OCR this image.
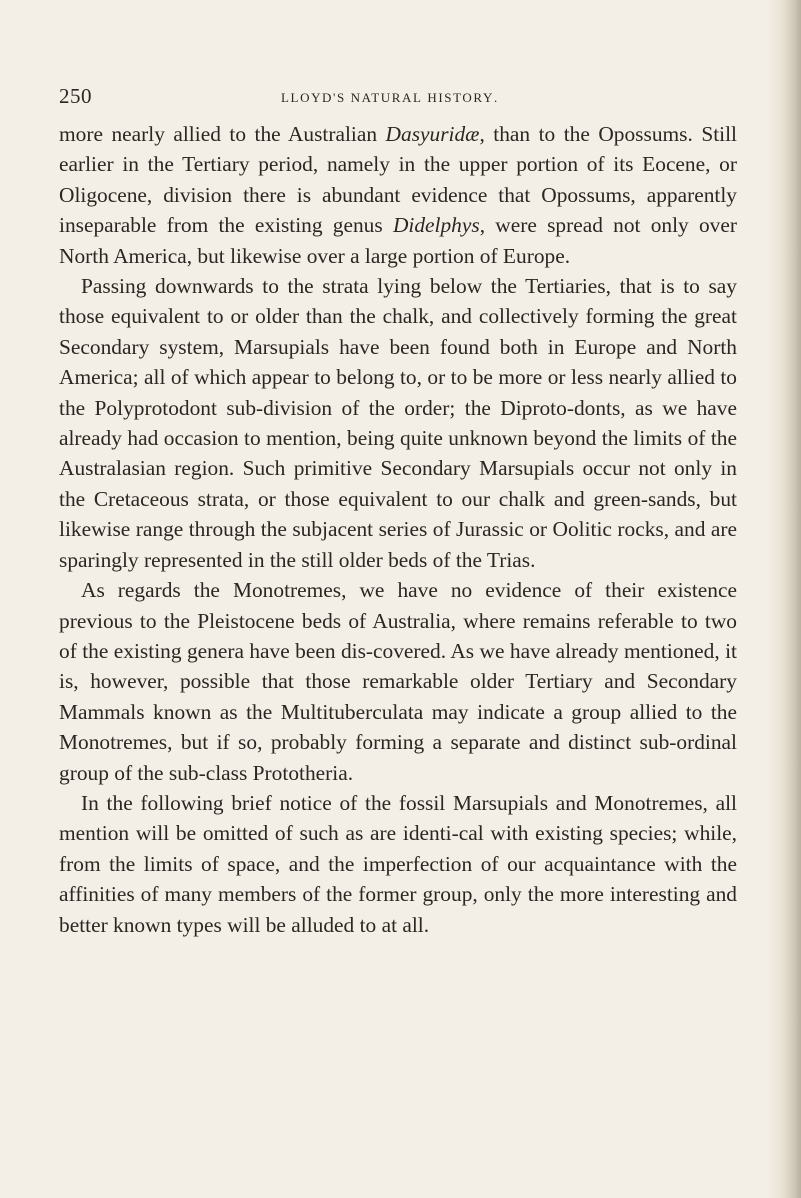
250	lloyd's natural history.

more nearly allied to the Australian Dasyuridæ, than to the Opossums. Still earlier in the Tertiary period, namely in the upper portion of its Eocene, or Oligocene, division there is abundant evidence that Opossums, apparently inseparable from the existing genus Didelphys, were spread not only over North America, but likewise over a large portion of Europe.

Passing downwards to the strata lying below the Tertiaries, that is to say those equivalent to or older than the chalk, and collectively forming the great Secondary system, Marsupials have been found both in Europe and North America; all of which appear to belong to, or to be more or less nearly allied to the Polyprotodont sub-division of the order; the Diproto-donts, as we have already had occasion to mention, being quite unknown beyond the limits of the Australasian region. Such primitive Secondary Marsupials occur not only in the Cretaceous strata, or those equivalent to our chalk and green-sands, but likewise range through the subjacent series of Jurassic or Oolitic rocks, and are sparingly represented in the still older beds of the Trias.

As regards the Monotremes, we have no evidence of their existence previous to the Pleistocene beds of Australia, where remains referable to two of the existing genera have been dis-covered. As we have already mentioned, it is, however, possible that those remarkable older Tertiary and Secondary Mammals known as the Multituberculata may indicate a group allied to the Monotremes, but if so, probably forming a separate and distinct sub-ordinal group of the sub-class Prototheria.

In the following brief notice of the fossil Marsupials and Monotremes, all mention will be omitted of such as are identi-cal with existing species; while, from the limits of space, and the imperfection of our acquaintance with the affinities of many members of the former group, only the more interesting and better known types will be alluded to at all.
